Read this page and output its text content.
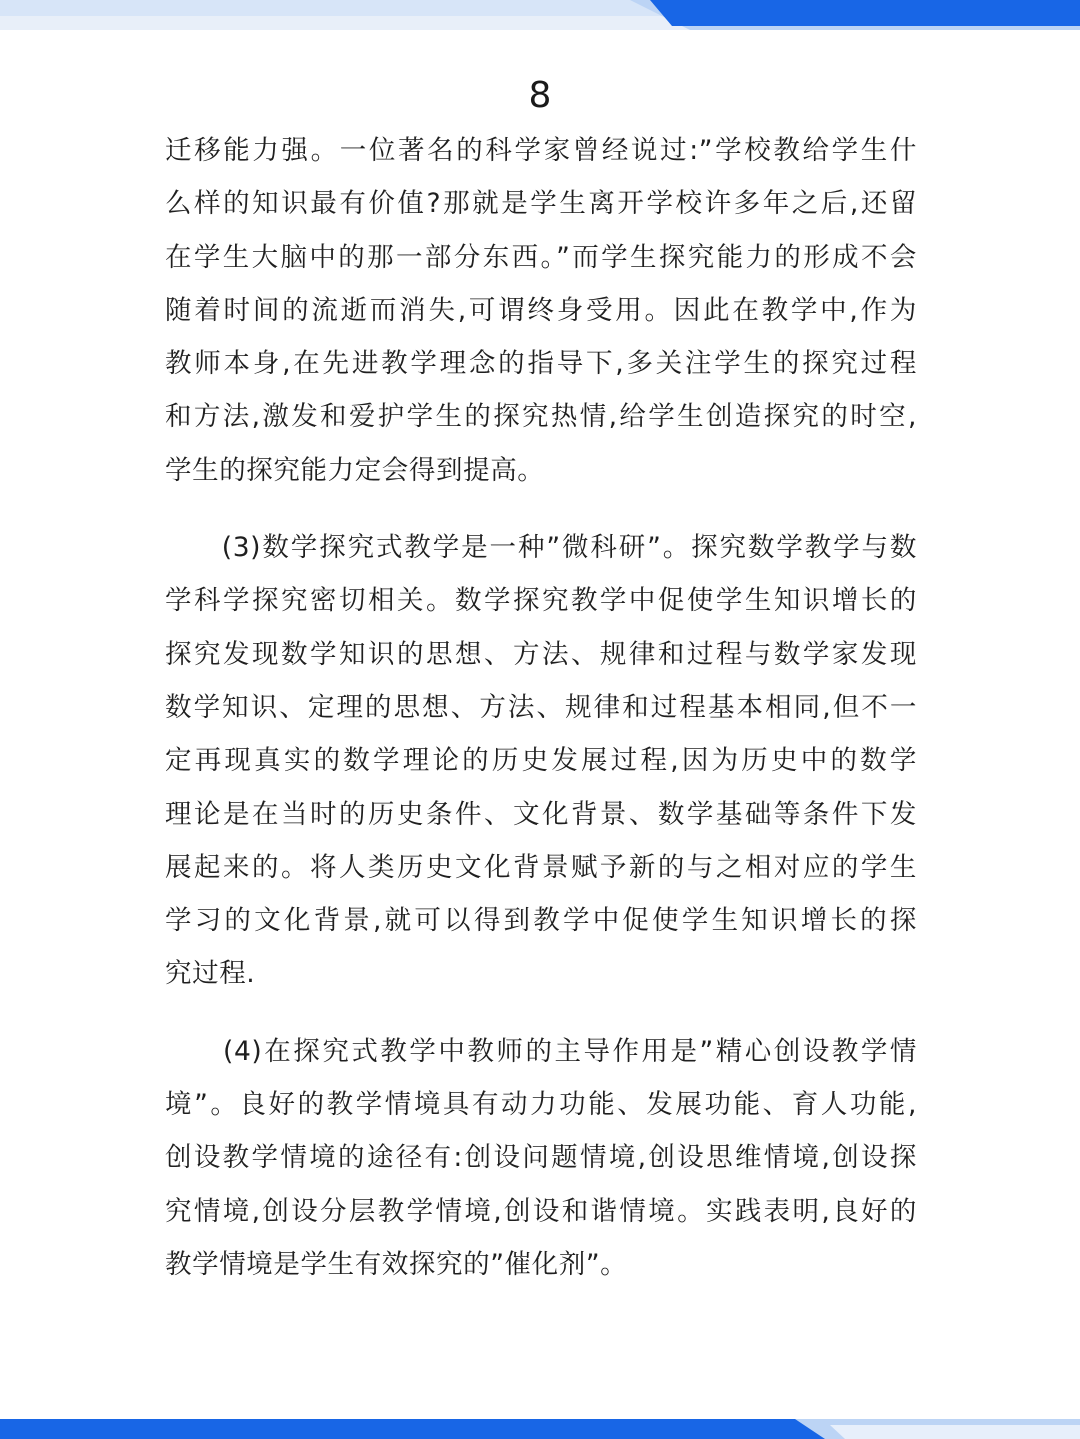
8
迁移能力强。一位著名的科学家曾经说过:”学校教给学生什
么样的知识最有价值?那就是学生离开学校许多年之后,还留
在学生大脑中的那一部分东西。”而学生探究能力的形成不会
随着时间的流逝而消失,可谓终身受用。因此在教学中,作为
教师本身,在先进教学理念的指导下,多关注学生的探究过程
和方法,激发和爱护学生的探究热情,给学生创造探究的时空,
学生的探究能力定会得到提高。
　　(3)数学探究式教学是一种”微科研”。探究数学教学与数
学科学探究密切相关。数学探究教学中促使学生知识增长的
探究发现数学知识的思想、方法、规律和过程与数学家发现
数学知识、定理的思想、方法、规律和过程基本相同,但不一
定再现真实的数学理论的历史发展过程,因为历史中的数学
理论是在当时的历史条件、文化背景、数学基础等条件下发
展起来的。将人类历史文化背景赋予新的与之相对应的学生
学习的文化背景,就可以得到教学中促使学生知识增长的探
究过程.
　　(4)在探究式教学中教师的主导作用是”精心创设教学情
境”。良好的教学情境具有动力功能、发展功能、育人功能,
创设教学情境的途径有:创设问题情境,创设思维情境,创设探
究情境,创设分层教学情境,创设和谐情境。实践表明,良好的
教学情境是学生有效探究的”催化剂”。
